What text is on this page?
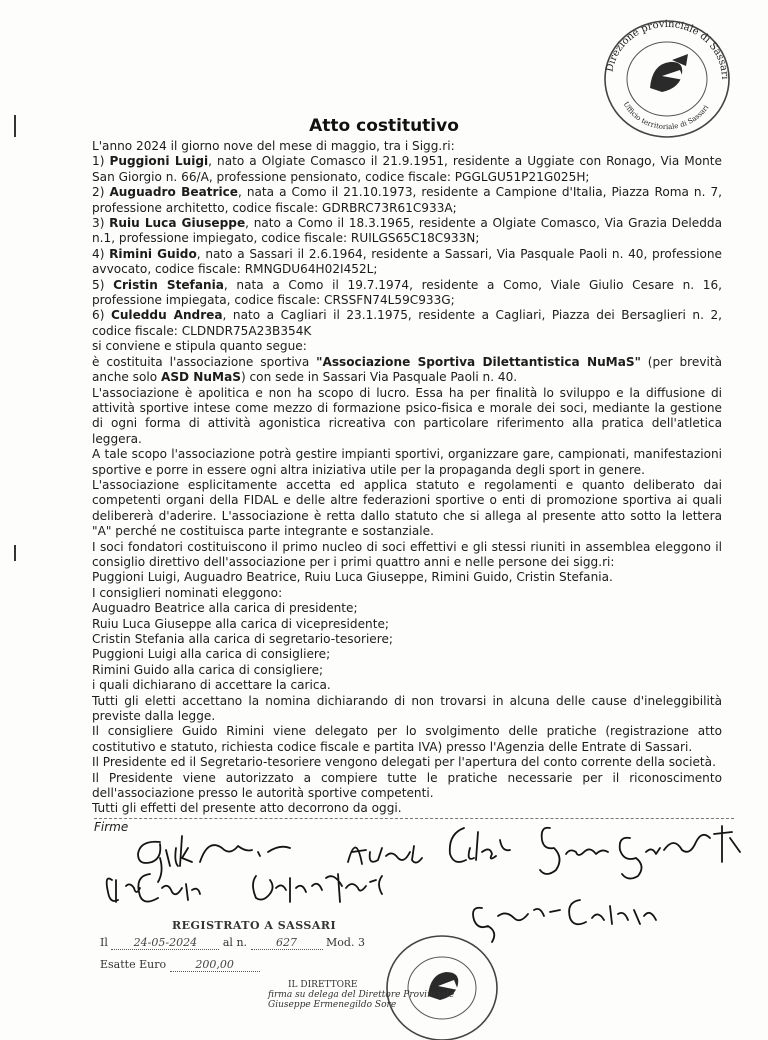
Direzione provinciale di Sassari
Ufficio territoriale di Sassari
Atto costitutivo

L'anno 2024 il giorno nove del mese di maggio, tra i Sigg.ri:

1) Puggioni Luigi, nato a Olgiate Comasco il 21.9.1951, residente a Uggiate con Ronago, Via Monte San Giorgio n. 66/A, professione pensionato, codice fiscale: PGGLGU51P21G025H;

2) Auguadro Beatrice, nata a Como il 21.10.1973, residente a Campione d'Italia, Piazza Roma n. 7, professione architetto, codice fiscale: GDRBRC73R61C933A;

3) Ruiu Luca Giuseppe, nato a Como il 18.3.1965, residente a Olgiate Comasco, Via Grazia Deledda n.1, professione impiegato, codice fiscale: RUILGS65C18C933N;

4) Rimini Guido, nato a Sassari il 2.6.1964, residente a Sassari, Via Pasquale Paoli n. 40, professione avvocato, codice fiscale: RMNGDU64H02I452L;

5) Cristin Stefania, nata a Como il 19.7.1974, residente a Como, Viale Giulio Cesare n. 16, professione impiegata, codice fiscale: CRSSFN74L59C933G;

6) Culeddu Andrea, nato a Cagliari il 23.1.1975, residente a Cagliari, Piazza dei Bersaglieri n. 2, codice fiscale: CLDNDR75A23B354K

si conviene e stipula quanto segue:

è costituita l'associazione sportiva "Associazione Sportiva Dilettantistica NuMaS" (per brevità anche solo ASD NuMaS) con sede in Sassari Via Pasquale Paoli n. 40.

L'associazione è apolitica e non ha scopo di lucro. Essa ha per finalità lo sviluppo e la diffusione di attività sportive intese come mezzo di formazione psico-fisica e morale dei soci, mediante la gestione di ogni forma di attività agonistica ricreativa con particolare riferimento alla pratica dell'atletica leggera.

A tale scopo l'associazione potrà gestire impianti sportivi, organizzare gare, campionati, manifestazioni sportive e porre in essere ogni altra iniziativa utile per la propaganda degli sport in genere.

L'associazione esplicitamente accetta ed applica statuto e regolamenti e quanto deliberato dai competenti organi della FIDAL e delle altre federazioni sportive o enti di promozione sportiva ai quali delibererà d'aderire. L'associazione è retta dallo statuto che si allega al presente atto sotto la lettera "A" perché ne costituisca parte integrante e sostanziale.

I soci fondatori costituiscono il primo nucleo di soci effettivi e gli stessi riuniti in assemblea eleggono il consiglio direttivo dell'associazione per i primi quattro anni e nelle persone dei sigg.ri:

Puggioni Luigi, Auguadro Beatrice, Ruiu Luca Giuseppe, Rimini Guido, Cristin Stefania.

I consiglieri nominati eleggono:

Auguadro Beatrice alla carica di presidente;

Ruiu Luca Giuseppe alla carica di vicepresidente;

Cristin Stefania alla carica di segretario-tesoriere;

Puggioni Luigi alla carica di consigliere;

Rimini Guido alla carica di consigliere;

i quali dichiarano di accettare la carica.

Tutti gli eletti accettano la nomina dichiarando di non trovarsi in alcuna delle cause d'ineleggibilità previste dalla legge.

Il consigliere Guido Rimini viene delegato per lo svolgimento delle pratiche (registrazione atto costitutivo e statuto, richiesta codice fiscale e partita IVA) presso l'Agenzia delle Entrate di Sassari.

Il Presidente ed il Segretario-tesoriere vengono delegati per l'apertura del conto corrente della società.

Il Presidente viene autorizzato a compiere tutte le pratiche necessarie per il riconoscimento dell'associazione presso le autorità sportive competenti.

Tutti gli effetti del presente atto decorrono da oggi.

Firme
REGISTRATO A SASSARI
Il 24-05-2024 al n.	627	Mod. 3
Esatte Euro	200,00
IL DIRETTORE
firma su delega del Direttore Provinciale
Giuseppe Ermenegildo Sore
